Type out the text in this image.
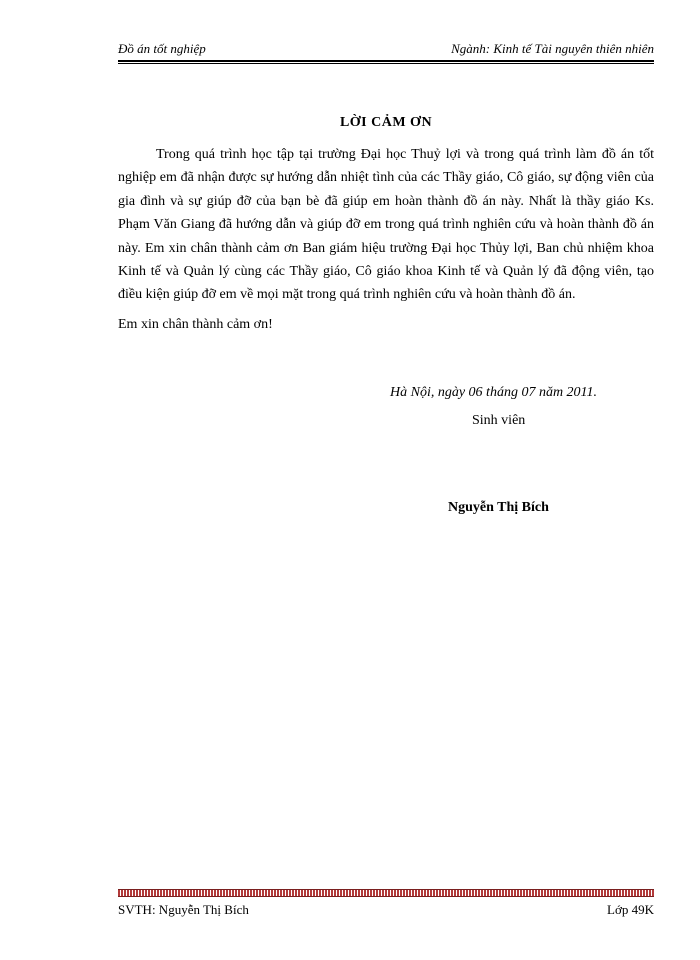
Đồ án tốt nghiệp	Ngành: Kinh tế Tài nguyên thiên nhiên
LỜI CẢM ƠN

Trong quá trình học tập tại trường Đại học Thuỷ lợi và trong quá trình làm đồ án tốt nghiệp em đã nhận được sự hướng dẫn nhiệt tình của các Thầy giáo, Cô giáo, sự động viên của gia đình và sự giúp đỡ của bạn bè đã giúp em hoàn thành đồ án này. Nhất là thầy giáo Ks. Phạm Văn Giang đã hướng dẫn và giúp đỡ em trong quá trình nghiên cứu và hoàn thành đồ án này. Em xin chân thành cảm ơn Ban giám hiệu trường Đại học Thủy lợi, Ban chủ nhiệm khoa Kinh tế và Quản lý cùng các Thầy giáo, Cô giáo khoa Kinh tế và Quản lý đã động viên, tạo điều kiện giúp đỡ em về mọi mặt trong quá trình nghiên cứu và hoàn thành đồ án.

Em xin chân thành cảm ơn!

Hà Nội, ngày 06 tháng 07 năm 2011.
Sinh viên
Nguyễn Thị Bích
SVTH: Nguyễn Thị Bích	Lớp 49K
